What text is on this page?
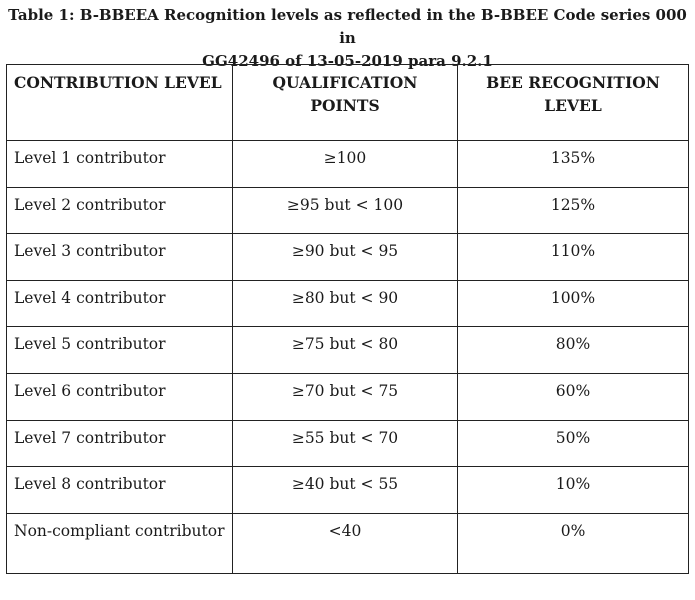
Table 1: B-BBEEA Recognition levels as reflected in the B-BBEE Code series 000 in
GG42496 of 13-05-2019 para 9.2.1
CONTRIBUTION LEVEL	QUALIFICATION POINTS	BEE RECOGNITION LEVEL
Level 1 contributor	≥100	135%
Level 2 contributor	≥95 but < 100	125%
Level 3 contributor	≥90 but < 95	110%
Level 4 contributor	≥80 but < 90	100%
Level 5 contributor	≥75 but < 80	80%
Level 6 contributor	≥70 but < 75	60%
Level 7 contributor	≥55 but < 70	50%
Level 8 contributor	≥40 but < 55	10%
Non-compliant contributor	<40	0%
